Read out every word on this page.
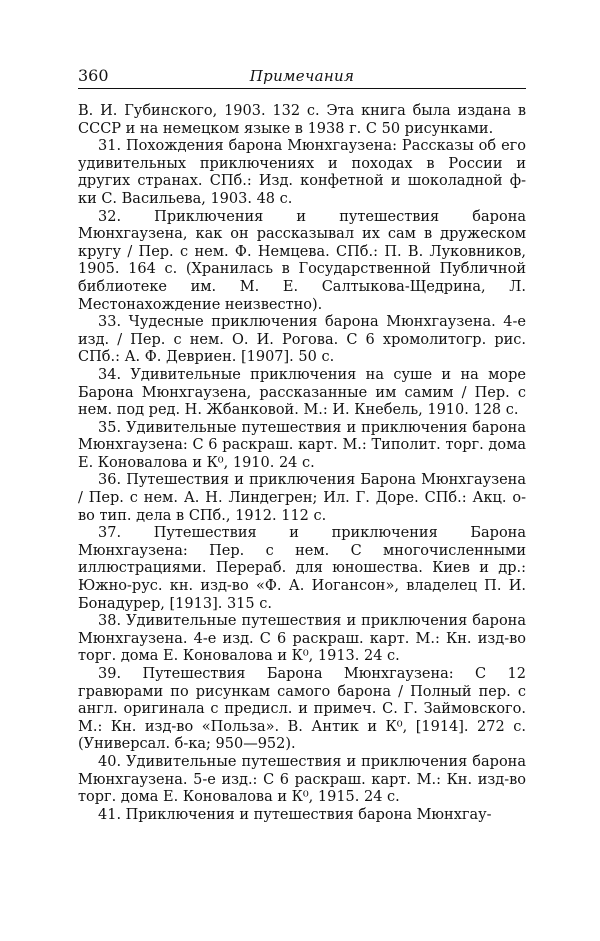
360	Примечания

В. И. Губинского, 1903. 132 с. Эта книга была издана в СССР и на немецком языке в 1938 г. С 50 рисунками.

31. Похождения барона Мюнхгаузена: Рассказы об его удивительных приключениях и походах в России и других странах. СПб.: Изд. конфетной и шоколадной ф-ки С. Васильева, 1903. 48 с.

32. Приключения и путешествия барона Мюнхгаузена, как он рассказывал их сам в дружеском кругу / Пер. с нем. Ф. Немцева. СПб.: П. В. Луковников, 1905. 164 с. (Хранилась в Государственной Публичной библиотеке им. М. Е. Салтыкова-Щедрина, Л. Местонахождение неизвестно).

33. Чудесные приключения барона Мюнхгаузена. 4-е изд. / Пер. с нем. О. И. Рогова. С 6 хромолитогр. рис. СПб.: А. Ф. Девриен. [1907]. 50 с.

34. Удивительные приключения на суше и на море Барона Мюнхгаузена, рассказанные им самим / Пер. с нем. под ред. Н. Жбанковой. М.: И. Кнебель, 1910. 128 с.

35. Удивительные путешествия и приключения барона Мюнхгаузена: С 6 раскраш. карт. М.: Типолит. торг. дома Е. Коновалова и К⁰, 1910. 24 с.

36. Путешествия и приключения Барона Мюнхгаузена / Пер. с нем. А. Н. Линдегрен; Ил. Г. Доре. СПб.: Акц. о-во тип. дела в СПб., 1912. 112 с.

37. Путешествия и приключения Барона Мюнхгаузена: Пер. с нем. С многочисленными иллюстрациями. Перераб. для юношества. Киев и др.: Южно-рус. кн. изд-во «Ф. А. Иогансон», владелец П. И. Бонадурер, [1913]. 315 с.

38. Удивительные путешествия и приключения барона Мюнхгаузена. 4-е изд. С 6 раскраш. карт. М.: Кн. изд-во торг. дома Е. Коновалова и К⁰, 1913. 24 с.

39. Путешествия Барона Мюнхгаузена: С 12 гравюрами по рисункам самого барона / Полный пер. с англ. оригинала с предисл. и примеч. С. Г. Займовского. М.: Кн. изд-во «Польза». В. Антик и К⁰, [1914]. 272 с. (Универсал. б-ка; 950—952).

40. Удивительные путешествия и приключения барона Мюнхгаузена. 5-е изд.: С 6 раскраш. карт. М.: Кн. изд-во торг. дома Е. Коновалова и К⁰, 1915. 24 с.

41. Приключения и путешествия барона Мюнхгау-
